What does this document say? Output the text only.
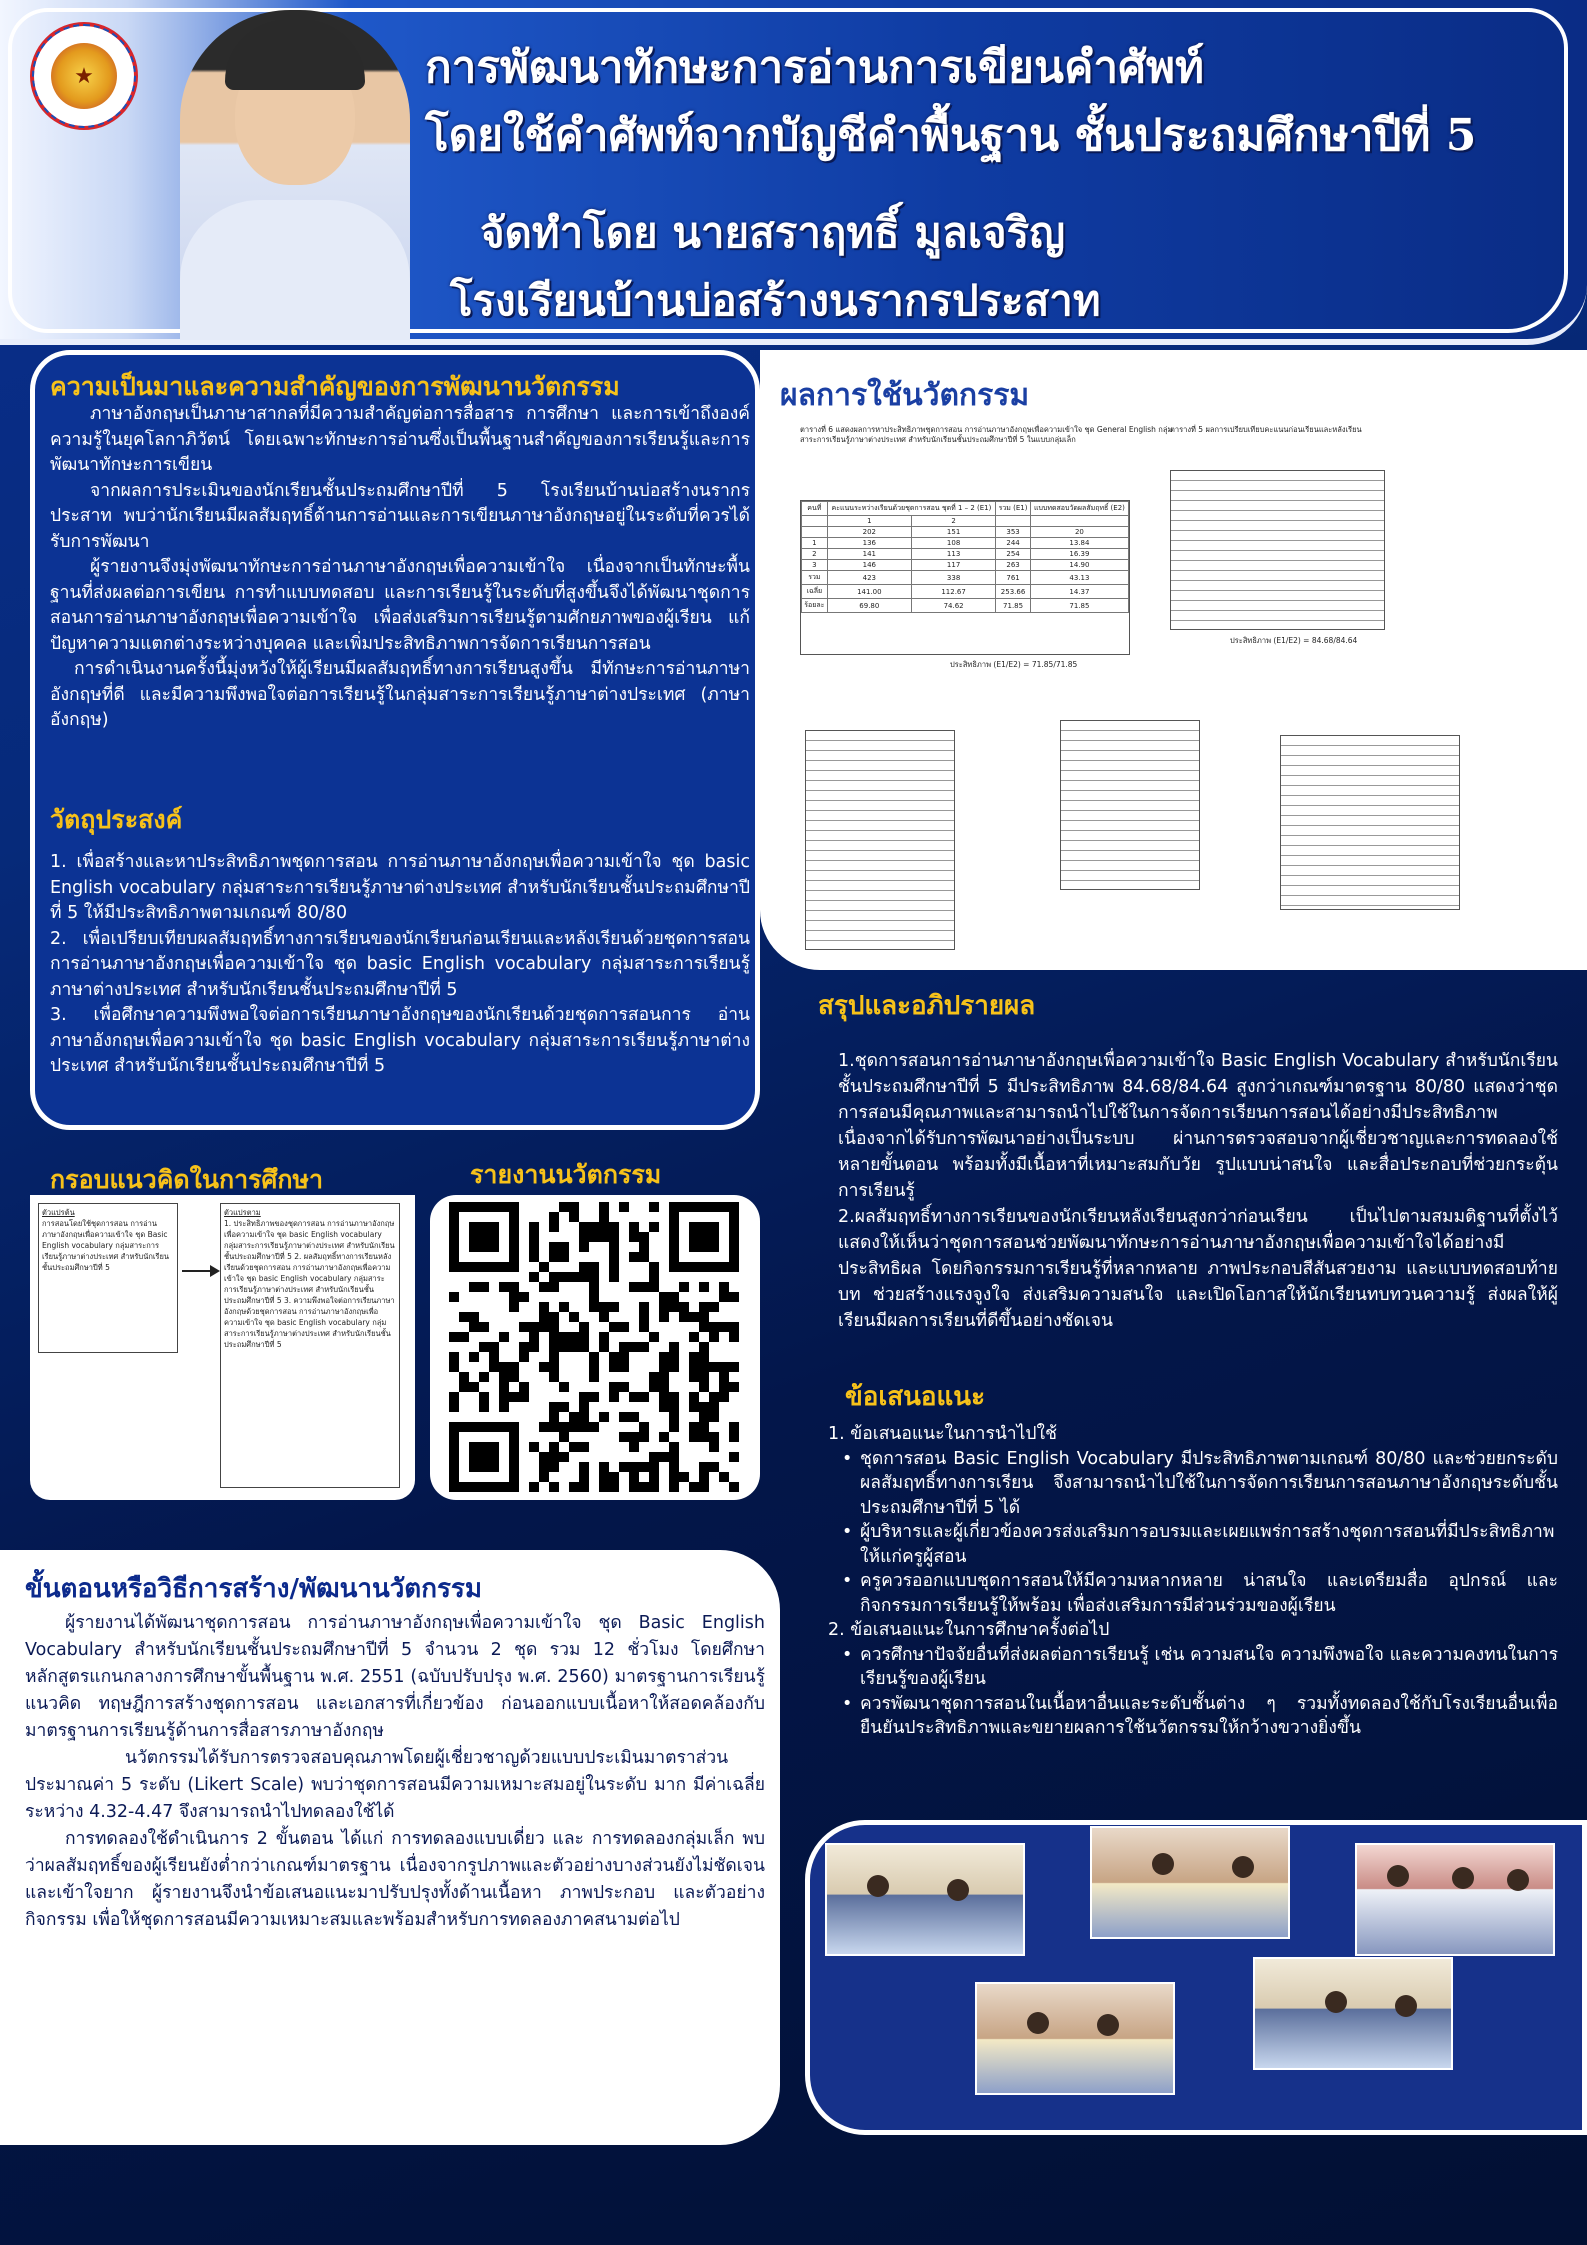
★	การพัฒนาทักษะการอ่านการเขียนคำศัพท์
โดยใช้คำศัพท์จากบัญชีคำพื้นฐาน ชั้นประถมศึกษาปีที่ 5
จัดทำโดย นายสราฤทธิ์ มูลเจริญ
โรงเรียนบ้านบ่อสร้างนรากรประสาท
ความเป็นมาและความสำคัญของการพัฒนานวัตกรรม

ภาษาอังกฤษเป็นภาษาสากลที่มีความสำคัญต่อการสื่อสาร การศึกษา และการเข้าถึงองค์ความรู้ในยุคโลกาภิวัตน์ โดยเฉพาะทักษะการอ่านซึ่งเป็นพื้นฐานสำคัญของการเรียนรู้และการพัฒนาทักษะการเขียน

จากผลการประเมินของนักเรียนชั้นประถมศึกษาปีที่ 5 โรงเรียนบ้านบ่อสร้างนรากรประสาท พบว่านักเรียนมีผลสัมฤทธิ์ด้านการอ่านและการเขียนภาษาอังกฤษอยู่ในระดับที่ควรได้รับการพัฒนา

ผู้รายงานจึงมุ่งพัฒนาทักษะการอ่านภาษาอังกฤษเพื่อความเข้าใจ เนื่องจากเป็นทักษะพื้นฐานที่ส่งผลต่อการเขียน การทำแบบทดสอบ และการเรียนรู้ในระดับที่สูงขึ้นจึงได้พัฒนาชุดการสอนการอ่านภาษาอังกฤษเพื่อความเข้าใจ เพื่อส่งเสริมการเรียนรู้ตามศักยภาพของผู้เรียน แก้ปัญหาความแตกต่างระหว่างบุคคล และเพิ่มประสิทธิภาพการจัดการเรียนการสอน

การดำเนินงานครั้งนี้มุ่งหวังให้ผู้เรียนมีผลสัมฤทธิ์ทางการเรียนสูงขึ้น มีทักษะการอ่านภาษาอังกฤษที่ดี และมีความพึงพอใจต่อการเรียนรู้ในกลุ่มสาระการเรียนรู้ภาษาต่างประเทศ (ภาษาอังกฤษ)

วัตถุประสงค์

1. เพื่อสร้างและหาประสิทธิภาพชุดการสอน การอ่านภาษาอังกฤษเพื่อความเข้าใจ ชุด basic English vocabulary กลุ่มสาระการเรียนรู้ภาษาต่างประเทศ สำหรับนักเรียนชั้นประถมศึกษาปีที่ 5 ให้มีประสิทธิภาพตามเกณฑ์ 80/80

2. เพื่อเปรียบเทียบผลสัมฤทธิ์ทางการเรียนของนักเรียนก่อนเรียนและหลังเรียนด้วยชุดการสอน การอ่านภาษาอังกฤษเพื่อความเข้าใจ ชุด basic English vocabulary กลุ่มสาระการเรียนรู้ภาษาต่างประเทศ สำหรับนักเรียนชั้นประถมศึกษาปีที่ 5

3. เพื่อศึกษาความพึงพอใจต่อการเรียนภาษาอังกฤษของนักเรียนด้วยชุดการสอนการ อ่านภาษาอังกฤษเพื่อความเข้าใจ ชุด basic English vocabulary กลุ่มสาระการเรียนรู้ภาษาต่างประเทศ สำหรับนักเรียนชั้นประถมศึกษาปีที่ 5

ผลการใช้นวัตกรรม
ตารางที่ 6 แสดงผลการหาประสิทธิภาพชุดการสอน การอ่านภาษาอังกฤษเพื่อความเข้าใจ ชุด General English กลุ่มสาระการเรียนรู้ภาษาต่างประเทศ สำหรับนักเรียนชั้นประถมศึกษาปีที่ 5 ในแบบกลุ่มเล็ก
คนที่	คะแนนระหว่างเรียนด้วยชุดการสอน ชุดที่ 1 – 2 (E1)		รวม (E1)	แบบทดสอบวัดผลสัมฤทธิ์ (E2)
	1	2		
	202	151	353	20
1	136	108	244	13.84
2	141	113	254	16.39
3	146	117	263	14.90
รวม	423	338	761	43.13
เฉลี่ย	141.00	112.67	253.66	14.37
ร้อยละ	69.80	74.62	71.85	71.85
ประสิทธิภาพ (E1/E2) = 71.85/71.85
ตารางที่ 5 ผลการเปรียบเทียบคะแนนก่อนเรียนและหลังเรียน
ประสิทธิภาพ (E1/E2) = 84.68/84.64
สรุปและอภิปรายผล

1.ชุดการสอนการอ่านภาษาอังกฤษเพื่อความเข้าใจ Basic English Vocabulary สำหรับนักเรียนชั้นประถมศึกษาปีที่ 5 มีประสิทธิภาพ 84.68/84.64 สูงกว่าเกณฑ์มาตรฐาน 80/80 แสดงว่าชุดการสอนมีคุณภาพและสามารถนำไปใช้ในการจัดการเรียนการสอนได้อย่างมีประสิทธิภาพ เนื่องจากได้รับการพัฒนาอย่างเป็นระบบ ผ่านการตรวจสอบจากผู้เชี่ยวชาญและการทดลองใช้หลายขั้นตอน พร้อมทั้งมีเนื้อหาที่เหมาะสมกับวัย รูปแบบน่าสนใจ และสื่อประกอบที่ช่วยกระตุ้นการเรียนรู้

2.ผลสัมฤทธิ์ทางการเรียนของนักเรียนหลังเรียนสูงกว่าก่อนเรียน เป็นไปตามสมมติฐานที่ตั้งไว้ แสดงให้เห็นว่าชุดการสอนช่วยพัฒนาทักษะการอ่านภาษาอังกฤษเพื่อความเข้าใจได้อย่างมีประสิทธิผล โดยกิจกรรมการเรียนรู้ที่หลากหลาย ภาพประกอบสีสันสวยงาม และแบบทดสอบท้ายบท ช่วยสร้างแรงจูงใจ ส่งเสริมความสนใจ และเปิดโอกาสให้นักเรียนทบทวนความรู้ ส่งผลให้ผู้เรียนมีผลการเรียนที่ดีขึ้นอย่างชัดเจน

ข้อเสนอแนะ

1. ข้อเสนอแนะในการนำไปใช้

• ชุดการสอน Basic English Vocabulary มีประสิทธิภาพตามเกณฑ์ 80/80 และช่วยยกระดับผลสัมฤทธิ์ทางการเรียน จึงสามารถนำไปใช้ในการจัดการเรียนการสอนภาษาอังกฤษระดับชั้นประถมศึกษาปีที่ 5 ได้

• ผู้บริหารและผู้เกี่ยวข้องควรส่งเสริมการอบรมและเผยแพร่การสร้างชุดการสอนที่มีประสิทธิภาพให้แก่ครูผู้สอน

• ครูควรออกแบบชุดการสอนให้มีความหลากหลาย น่าสนใจ และเตรียมสื่อ อุปกรณ์ และกิจกรรมการเรียนรู้ให้พร้อม เพื่อส่งเสริมการมีส่วนร่วมของผู้เรียน

2. ข้อเสนอแนะในการศึกษาครั้งต่อไป

• ควรศึกษาปัจจัยอื่นที่ส่งผลต่อการเรียนรู้ เช่น ความสนใจ ความพึงพอใจ และความคงทนในการเรียนรู้ของผู้เรียน

• ควรพัฒนาชุดการสอนในเนื้อหาอื่นและระดับชั้นต่าง ๆ รวมทั้งทดลองใช้กับโรงเรียนอื่นเพื่อยืนยันประสิทธิภาพและขยายผลการใช้นวัตกรรมให้กว้างขวางยิ่งขึ้น

กรอบแนวคิดในการศึกษา
ตัวแปรต้น
การสอนโดยใช้ชุดการสอน การอ่านภาษาอังกฤษเพื่อความเข้าใจ ชุด Basic English vocabulary กลุ่มสาระการเรียนรู้ภาษาต่างประเทศ สำหรับนักเรียนชั้นประถมศึกษาปีที่ 5
ตัวแปรตาม
1. ประสิทธิภาพของชุดการสอน การอ่านภาษาอังกฤษเพื่อความเข้าใจ ชุด basic English vocabulary กลุ่มสาระการเรียนรู้ภาษาต่างประเทศ สำหรับนักเรียนชั้นประถมศึกษาปีที่ 5 2. ผลสัมฤทธิ์ทางการเรียนหลังเรียนด้วยชุดการสอน การอ่านภาษาอังกฤษเพื่อความเข้าใจ ชุด basic English vocabulary กลุ่มสาระการเรียนรู้ภาษาต่างประเทศ สำหรับนักเรียนชั้นประถมศึกษาปีที่ 5 3. ความพึงพอใจต่อการเรียนภาษาอังกฤษด้วยชุดการสอน การอ่านภาษาอังกฤษเพื่อความเข้าใจ ชุด basic English vocabulary กลุ่มสาระการเรียนรู้ภาษาต่างประเทศ สำหรับนักเรียนชั้นประถมศึกษาปีที่ 5
รายงานนวัตกรรม
ขั้นตอนหรือวิธีการสร้าง/พัฒนานวัตกรรม

ผู้รายงานได้พัฒนาชุดการสอน การอ่านภาษาอังกฤษเพื่อความเข้าใจ ชุด Basic English Vocabulary สำหรับนักเรียนชั้นประถมศึกษาปีที่ 5 จำนวน 2 ชุด รวม 12 ชั่วโมง โดยศึกษาหลักสูตรแกนกลางการศึกษาขั้นพื้นฐาน พ.ศ. 2551 (ฉบับปรับปรุง พ.ศ. 2560) มาตรฐานการเรียนรู้ แนวคิด ทฤษฎีการสร้างชุดการสอน และเอกสารที่เกี่ยวข้อง ก่อนออกแบบเนื้อหาให้สอดคล้องกับมาตรฐานการเรียนรู้ด้านการสื่อสารภาษาอังกฤษ

นวัตกรรมได้รับการตรวจสอบคุณภาพโดยผู้เชี่ยวชาญด้วยแบบประเมินมาตราส่วนประมาณค่า 5 ระดับ (Likert Scale) พบว่าชุดการสอนมีความเหมาะสมอยู่ในระดับ มาก มีค่าเฉลี่ยระหว่าง 4.32-4.47 จึงสามารถนำไปทดลองใช้ได้

การทดลองใช้ดำเนินการ 2 ขั้นตอน ได้แก่ การทดลองแบบเดี่ยว และ การทดลองกลุ่มเล็ก พบว่าผลสัมฤทธิ์ของผู้เรียนยังต่ำกว่าเกณฑ์มาตรฐาน เนื่องจากรูปภาพและตัวอย่างบางส่วนยังไม่ชัดเจนและเข้าใจยาก ผู้รายงานจึงนำข้อเสนอแนะมาปรับปรุงทั้งด้านเนื้อหา ภาพประกอบ และตัวอย่างกิจกรรม เพื่อให้ชุดการสอนมีความเหมาะสมและพร้อมสำหรับการทดลองภาคสนามต่อไป
